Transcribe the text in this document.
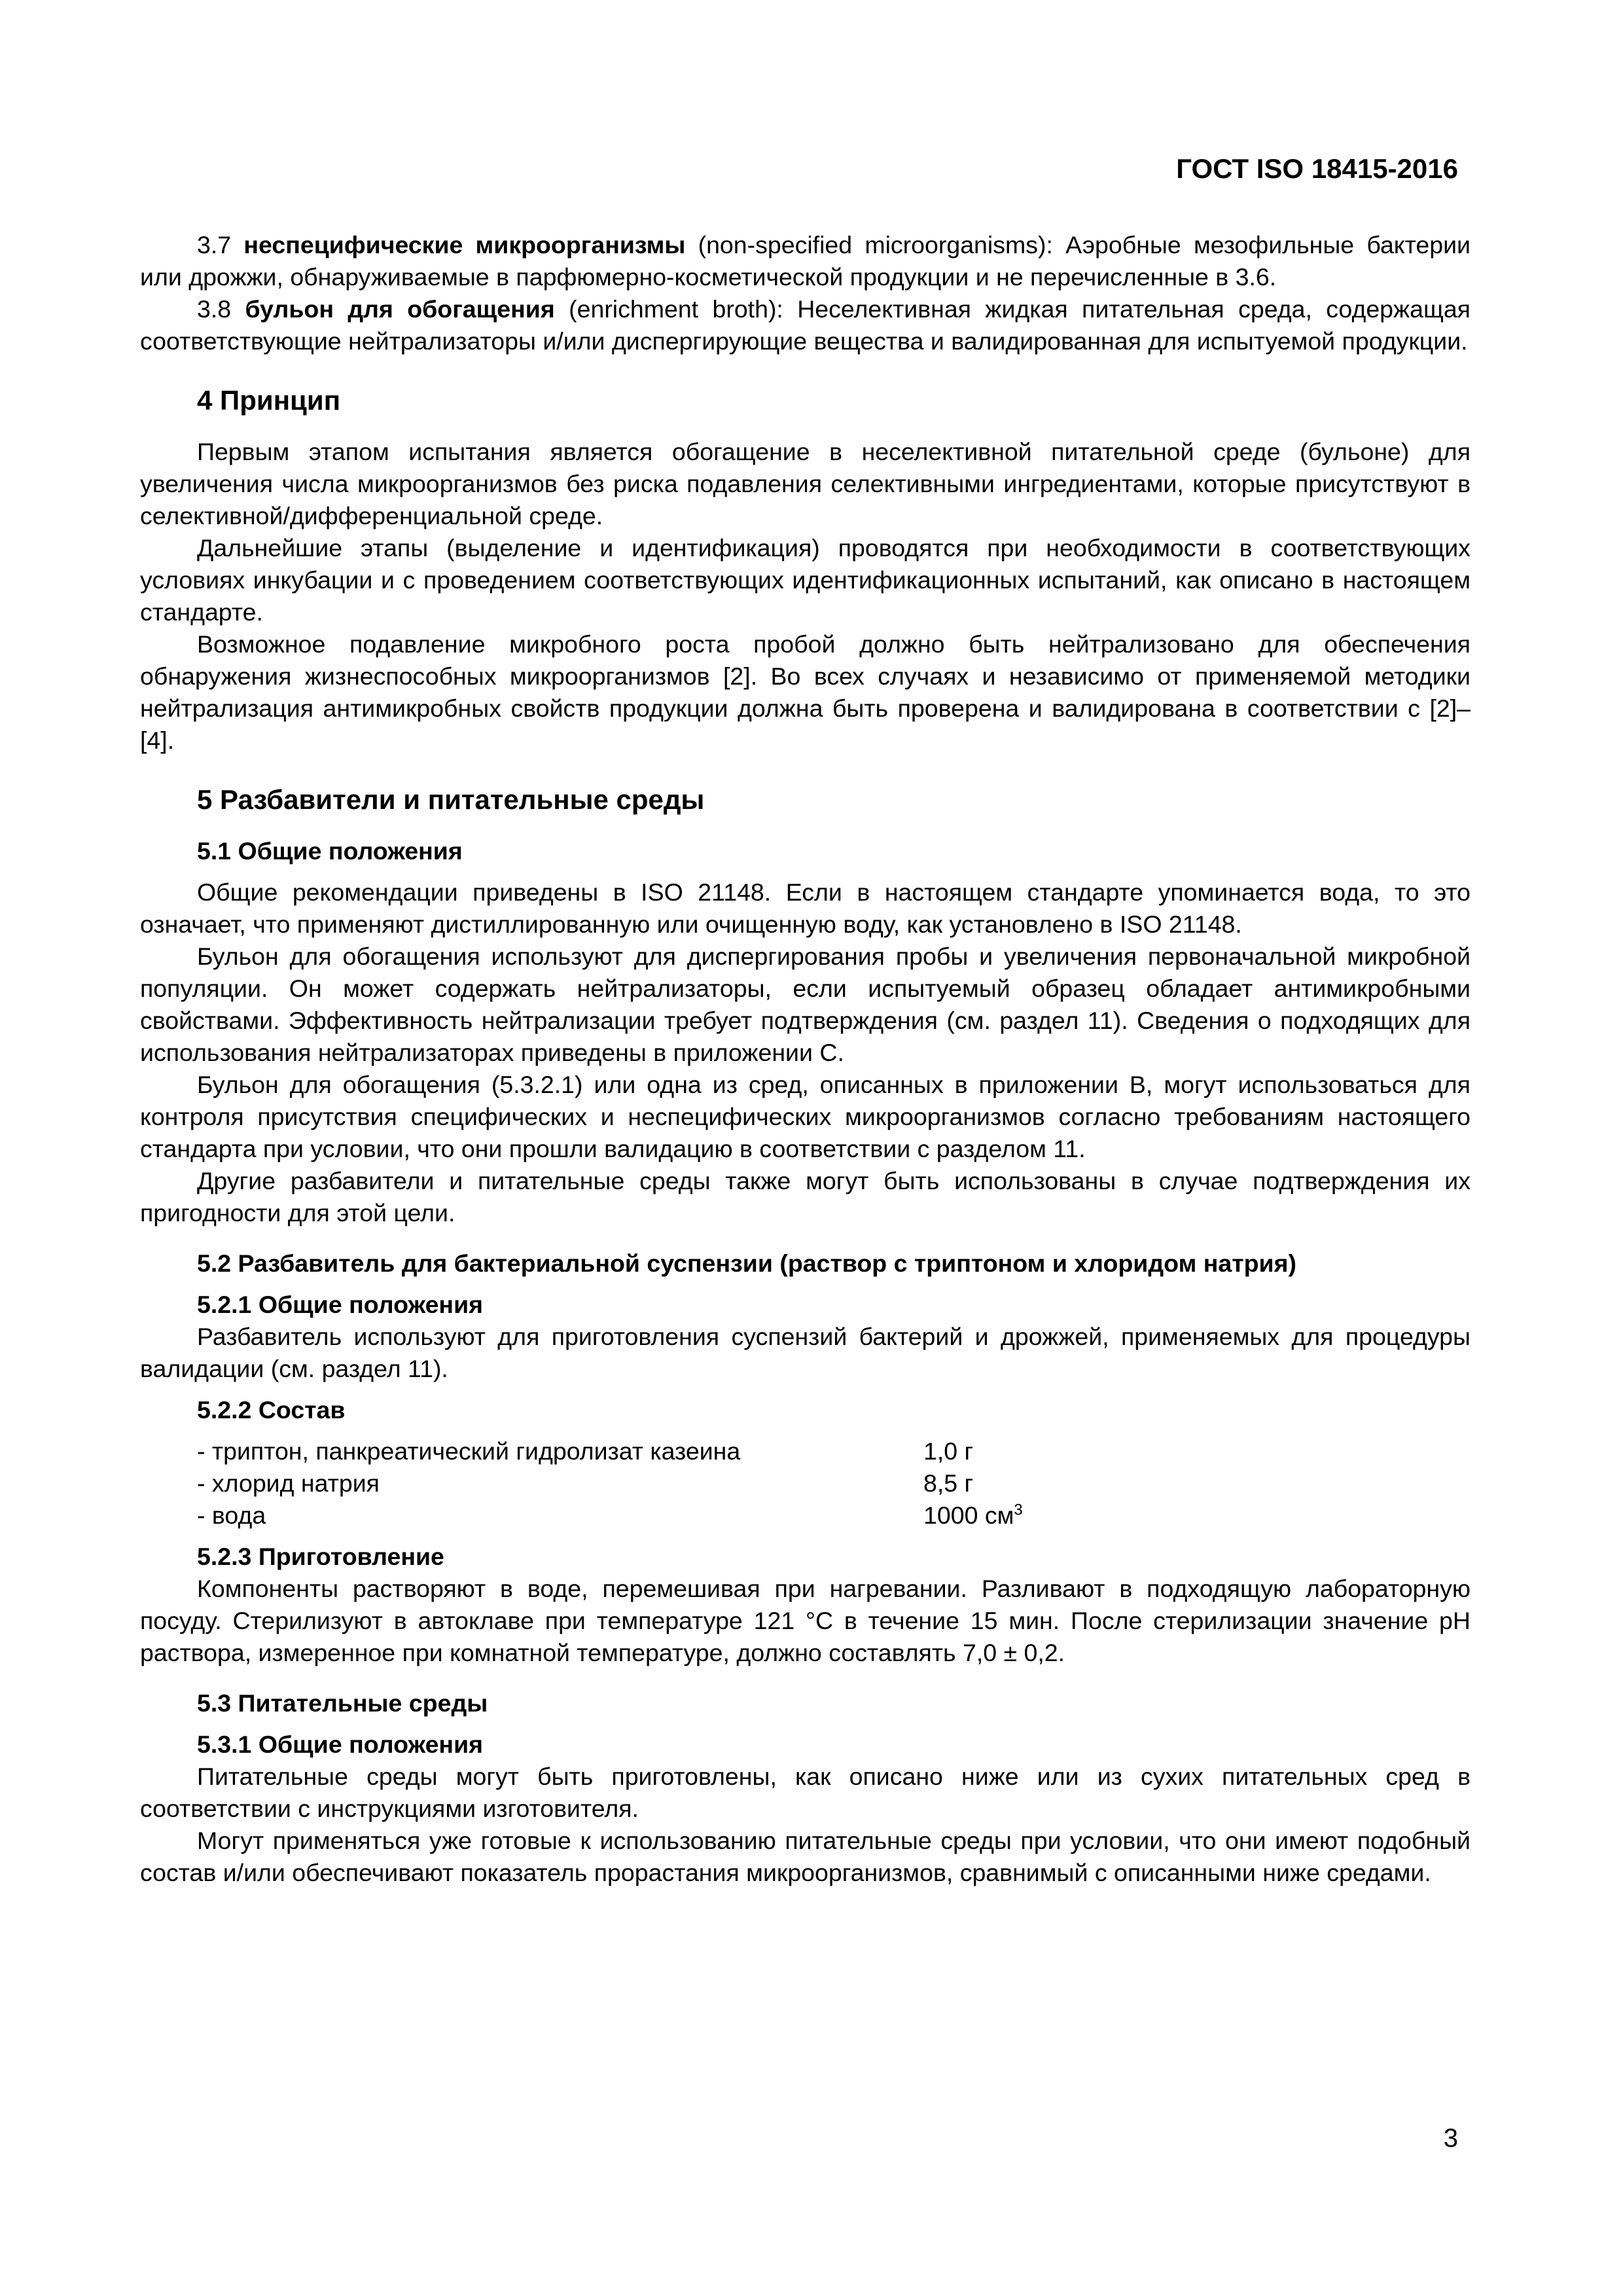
ГОСТ ISO 18415-2016

3.7 неспецифические микроорганизмы (non-specified microorganisms): Аэробные мезофильные бактерии или дрожжи, обнаруживаемые в парфюмерно-косметической продукции и не перечисленные в 3.6.

3.8 бульон для обогащения (enrichment broth): Неселективная жидкая питательная среда, содержащая соответствующие нейтрализаторы и/или диспергирующие вещества и валидированная для испытуемой продукции.

4 Принцип

Первым этапом испытания является обогащение в неселективной питательной среде (бульоне) для увеличения числа микроорганизмов без риска подавления селективными ингредиентами, которые присутствуют в селективной/дифференциальной среде.

Дальнейшие этапы (выделение и идентификация) проводятся при необходимости в соответствующих условиях инкубации и с проведением соответствующих идентификационных испытаний, как описано в настоящем стандарте.

Возможное подавление микробного роста пробой должно быть нейтрализовано для обеспечения обнаружения жизнеспособных микроорганизмов [2]. Во всех случаях и независимо от применяемой методики нейтрализация антимикробных свойств продукции должна быть проверена и валидирована в соответствии с [2]–[4].

5 Разбавители и питательные среды
5.1 Общие положения

Общие рекомендации приведены в ISO 21148. Если в настоящем стандарте упоминается вода, то это означает, что применяют дистиллированную или очищенную воду, как установлено в ISO 21148.

Бульон для обогащения используют для диспергирования пробы и увеличения первоначальной микробной популяции. Он может содержать нейтрализаторы, если испытуемый образец обладает антимикробными свойствами. Эффективность нейтрализации требует подтверждения (см. раздел 11). Сведения о подходящих для использования нейтрализаторах приведены в приложении С.

Бульон для обогащения (5.3.2.1) или одна из сред, описанных в приложении В, могут использоваться для контроля присутствия специфических и неспецифических микроорганизмов согласно требованиям настоящего стандарта при условии, что они прошли валидацию в соответствии с разделом 11.

Другие разбавители и питательные среды также могут быть использованы в случае подтверждения их пригодности для этой цели.

5.2 Разбавитель для бактериальной суспензии (раствор с триптоном и хлоридом натрия)
5.2.1 Общие положения

Разбавитель используют для приготовления суспензий бактерий и дрожжей, применяемых для процедуры валидации (см. раздел 11).

5.2.2 Состав
- триптон, панкреатический гидролизат казеина	1,0 г
- хлорид натрия	8,5 г
- вода	1000 $см^3$
5.2.3 Приготовление

Компоненты растворяют в воде, перемешивая при нагревании. Разливают в подходящую лабораторную посуду. Стерилизуют в автоклаве при температуре 121 °С в течение 15 мин. После стерилизации значение рН раствора, измеренное при комнатной температуре, должно составлять 7,0 ± 0,2.

5.3 Питательные среды
5.3.1 Общие положения

Питательные среды могут быть приготовлены, как описано ниже или из сухих питательных сред в соответствии с инструкциями изготовителя.

Могут применяться уже готовые к использованию питательные среды при условии, что они имеют подобный состав и/или обеспечивают показатель прорастания микроорганизмов, сравнимый с описанными ниже средами.

3
